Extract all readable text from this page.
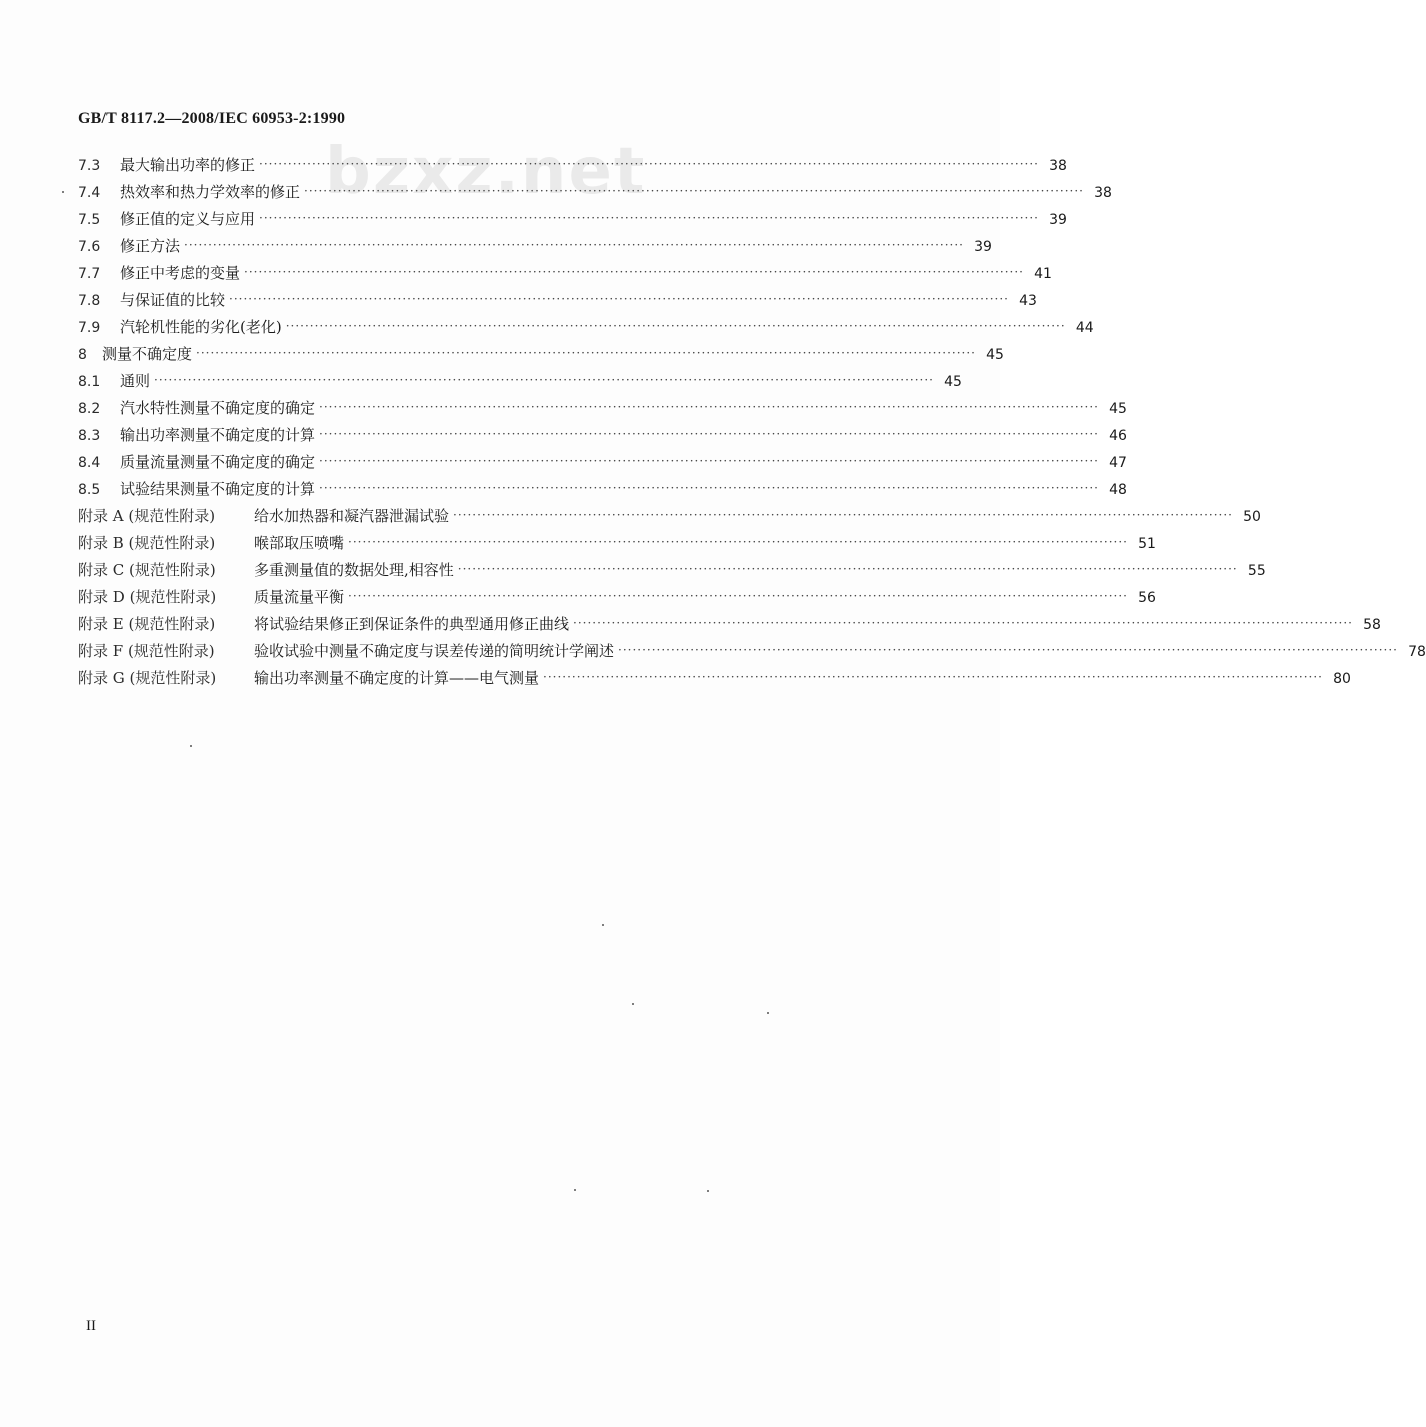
GB/T 8117.2—2008/IEC 60953-2:1990
bzxz.net
7.3	最大输出功率的修正 ·····	38
7.4	热效率和热力学效率的修正 ·····	38
7.5	修正值的定义与应用 ·····	39
7.6	修正方法 ·····	39
7.7	修正中考虑的变量 ·····	41
7.8	与保证值的比较 ·····	43
7.9	汽轮机性能的劣化(老化) ·····	44
8	测量不确定度 ·····	45
8.1	通则 ·····	45
8.2	汽水特性测量不确定度的确定 ·····	45
8.3	输出功率测量不确定度的计算 ·····	46
8.4	质量流量测量不确定度的确定 ·····	47
8.5	试验结果测量不确定度的计算 ·····	48
附录 A (规范性附录)	给水加热器和凝汽器泄漏试验 ·····	50
附录 B (规范性附录)	喉部取压喷嘴 ·····	51
附录 C (规范性附录)	多重测量值的数据处理,相容性 ·····	55
附录 D (规范性附录)	质量流量平衡 ·····	56
附录 E (规范性附录)	将试验结果修正到保证条件的典型通用修正曲线 ·····	58
附录 F (规范性附录)	验收试验中测量不确定度与误差传递的简明统计学阐述 ·····	78
附录 G (规范性附录)	输出功率测量不确定度的计算——电气测量 ·····	80
II
